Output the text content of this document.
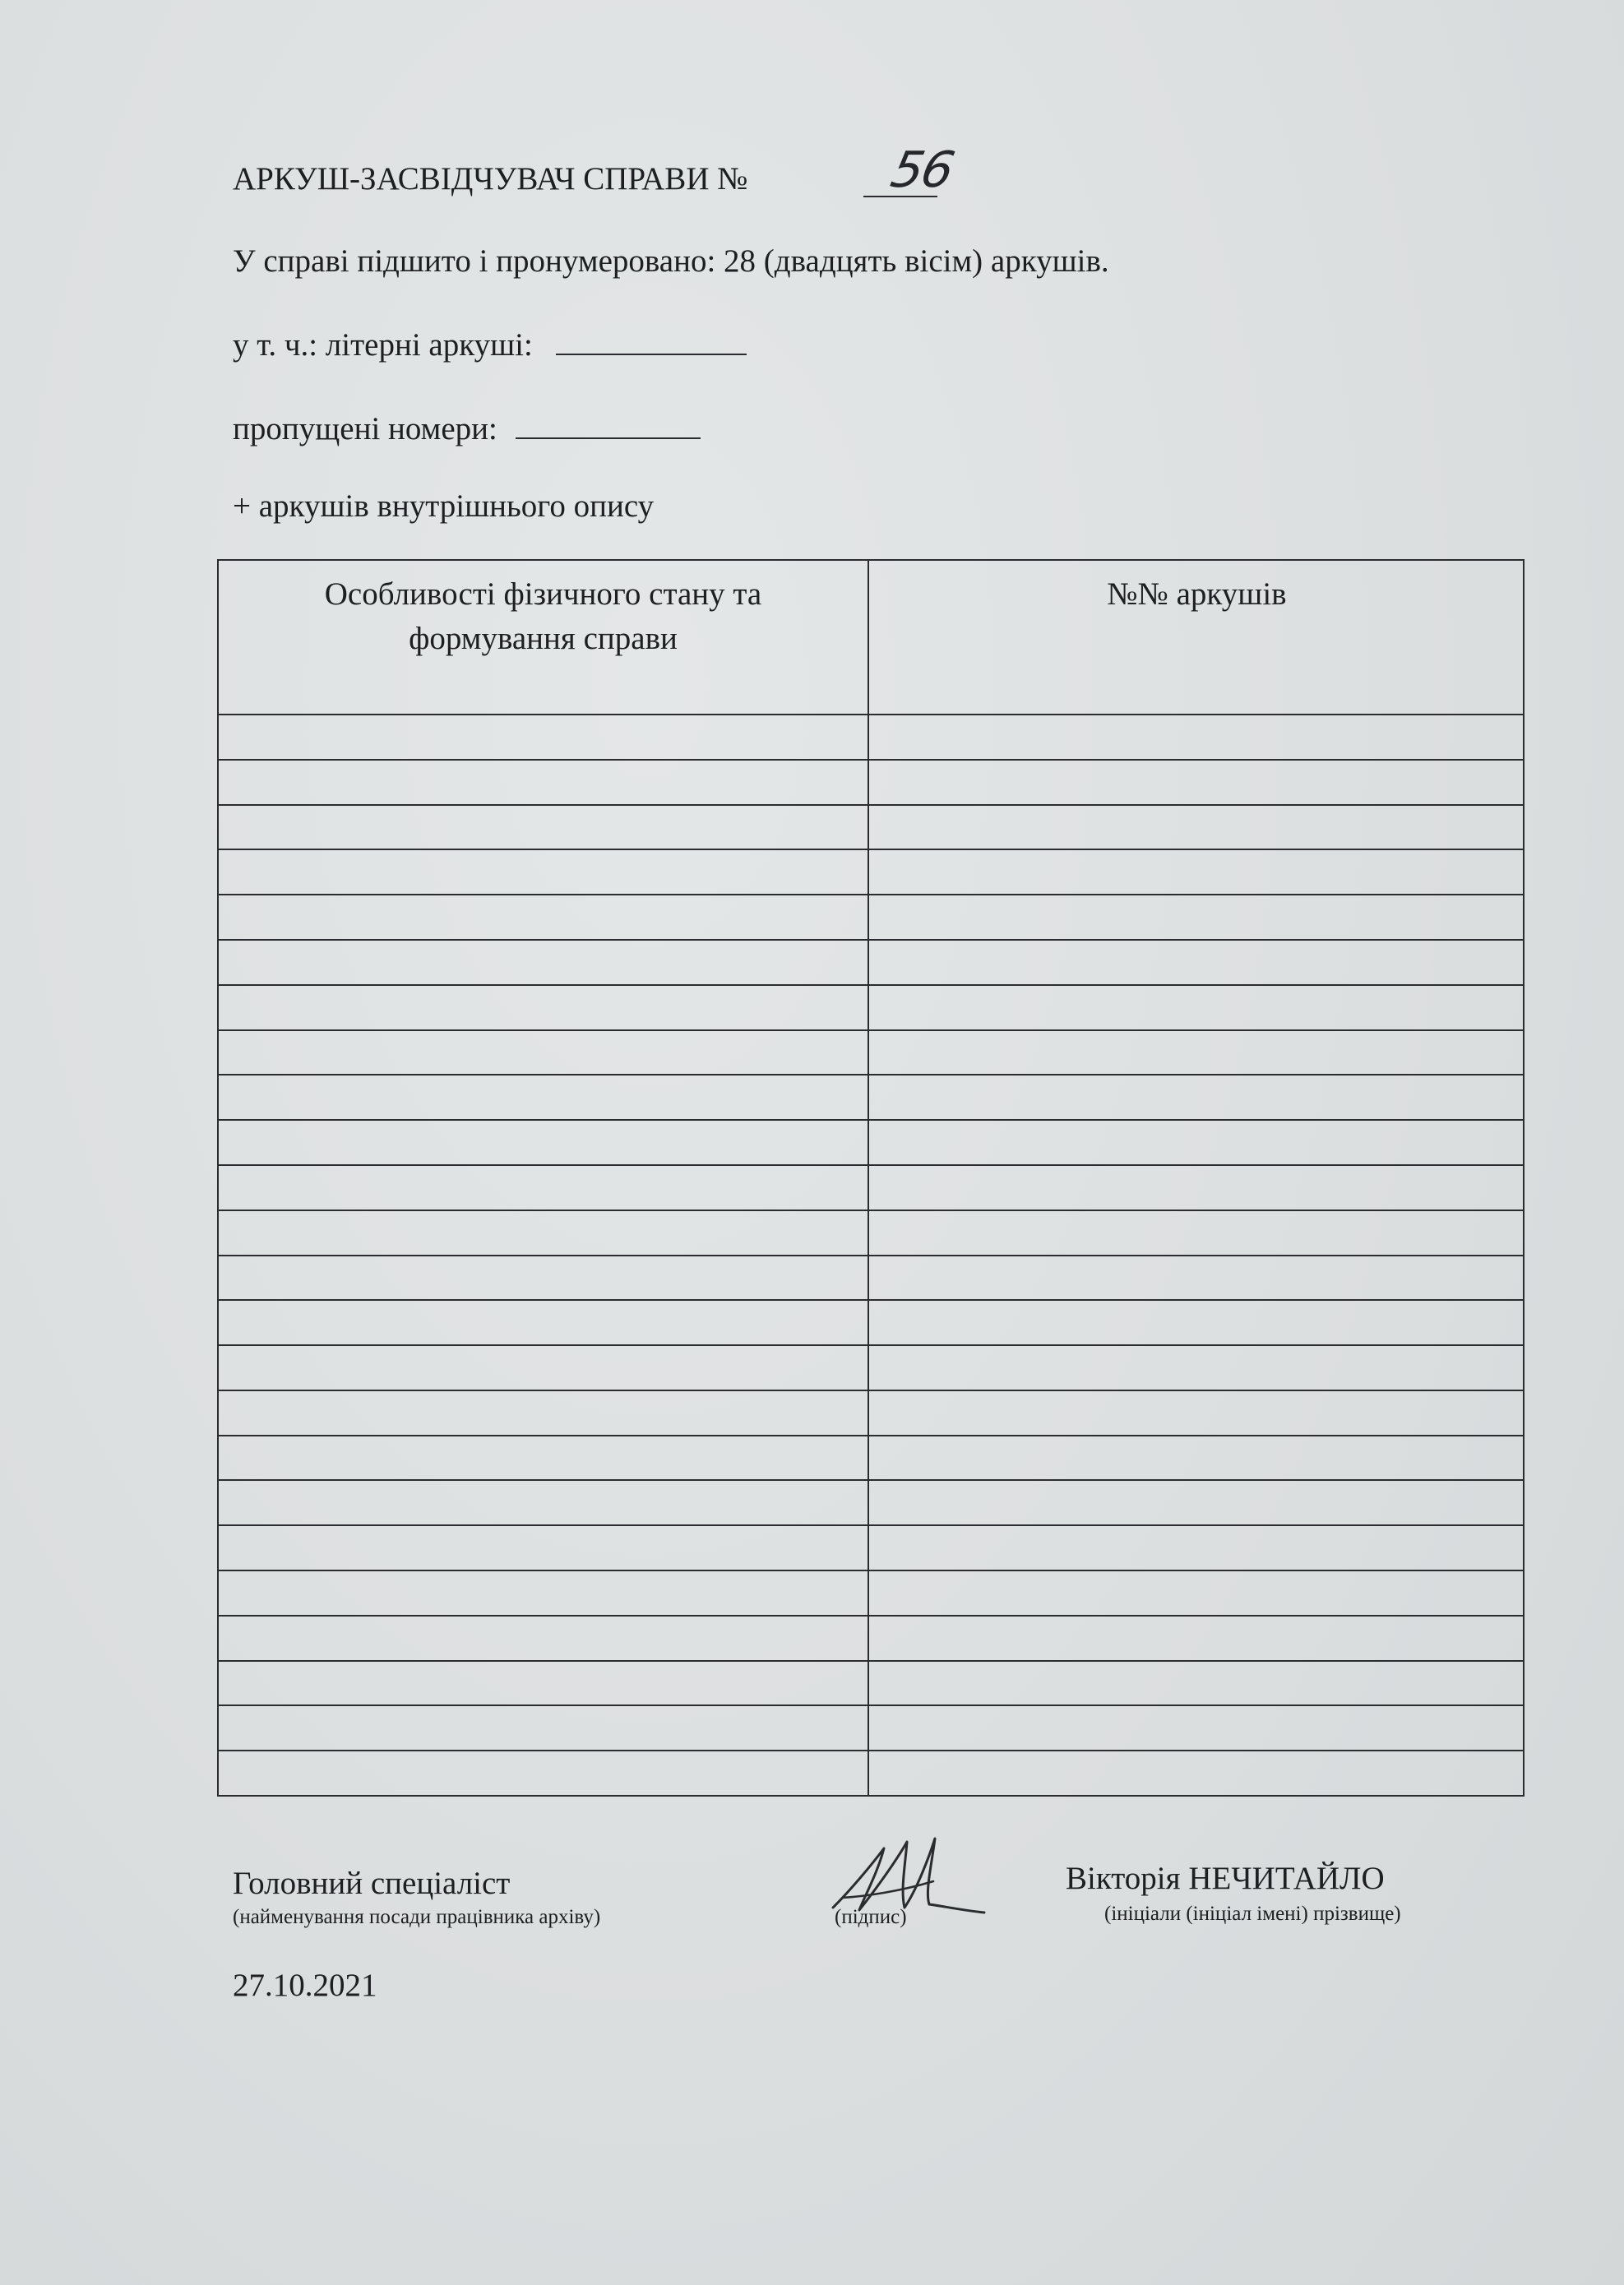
АРКУШ-ЗАСВІДЧУВАЧ СПРАВИ №	56
У справі підшито і пронумеровано: 28 (двадцять вісім) аркушів.
у т. ч.: літерні аркуші:
пропущені номери:
+ аркушів внутрішнього опису
Особливості фізичного стану та
формування справи
№№ аркушів
Головний спеціаліст
(найменування посади працівника архіву)	(підпис)
Вікторія НЕЧИТАЙЛО
(ініціали (ініціал імені) прізвище)
27.10.2021
